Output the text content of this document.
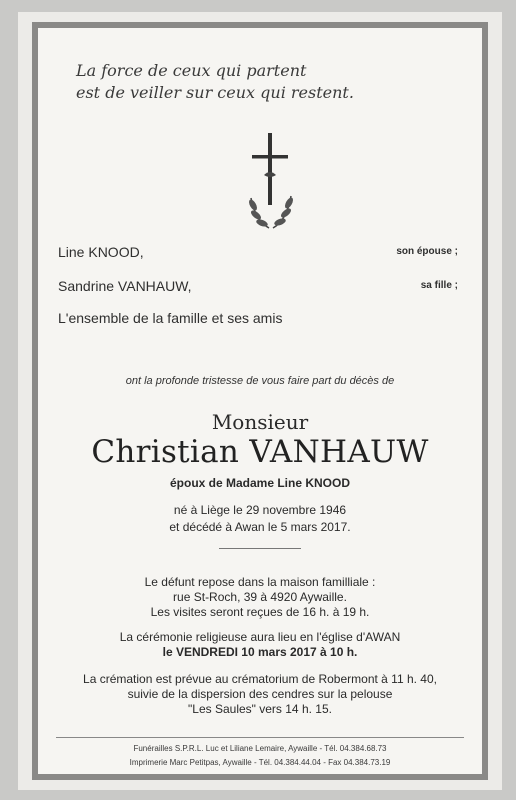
La force de ceux qui partent
est de veiller sur ceux qui restent.
Line KNOOD,	son épouse ;
Sandrine VANHAUW,	sa fille ;
L'ensemble de la famille et ses amis
ont la profonde tristesse de vous faire part du décès de
Monsieur
Christian VANHAUW
époux de Madame Line KNOOD
né à Liège le 29 novembre 1946
et décédé à Awan le 5 mars 2017.
Le défunt repose dans la maison familliale :
rue St-Roch, 39 à 4920 Aywaille.
Les visites seront reçues de 16 h. à 19 h.
La cérémonie religieuse aura lieu en l'église d'AWAN
le VENDREDI 10 mars 2017 à 10 h.
La crémation est prévue au crématorium de Robermont à 11 h. 40,
suivie de la dispersion des cendres sur la pelouse
"Les Saules" vers 14 h. 15.
Funérailles S.P.R.L. Luc et Liliane Lemaire, Aywaille - Tél. 04.384.68.73
Imprimerie Marc Petitpas, Aywaille - Tél. 04.384.44.04 - Fax 04.384.73.19
